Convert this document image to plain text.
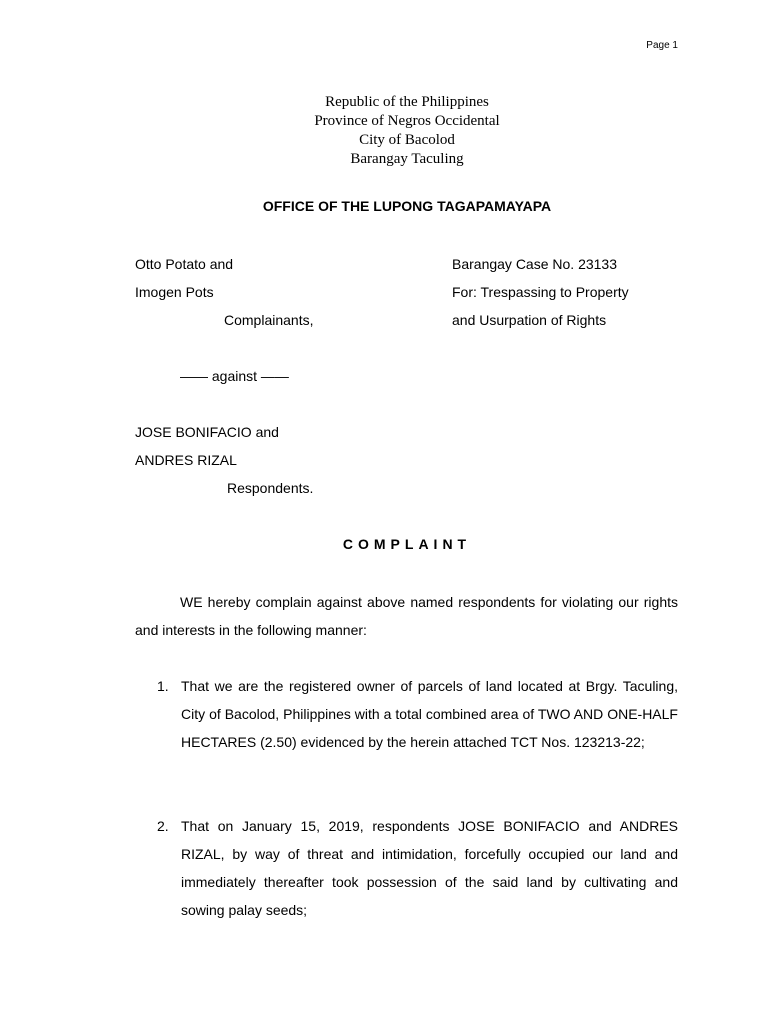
Page 1
Republic of the Philippines
Province of Negros Occidental
City of Bacolod
Barangay Taculing
OFFICE OF THE LUPONG TAGAPAMAYAPA
Otto Potato and
Imogen Pots
Complainants,
Barangay Case No. 23133
For: Trespassing to Property
and Usurpation of Rights
—— against ——
JOSE BONIFACIO and
ANDRES RIZAL
Respondents.
COMPLAINT
WE hereby complain against above named respondents for violating our rights and interests in the following manner:
1. That we are the registered owner of parcels of land located at Brgy. Taculing, City of Bacolod, Philippines with a total combined area of TWO AND ONE-HALF HECTARES (2.50) evidenced by the herein attached TCT Nos. 123213-22;
2. That on January 15, 2019, respondents JOSE BONIFACIO and ANDRES RIZAL, by way of threat and intimidation, forcefully occupied our land and immediately thereafter took possession of the said land by cultivating and sowing palay seeds;
